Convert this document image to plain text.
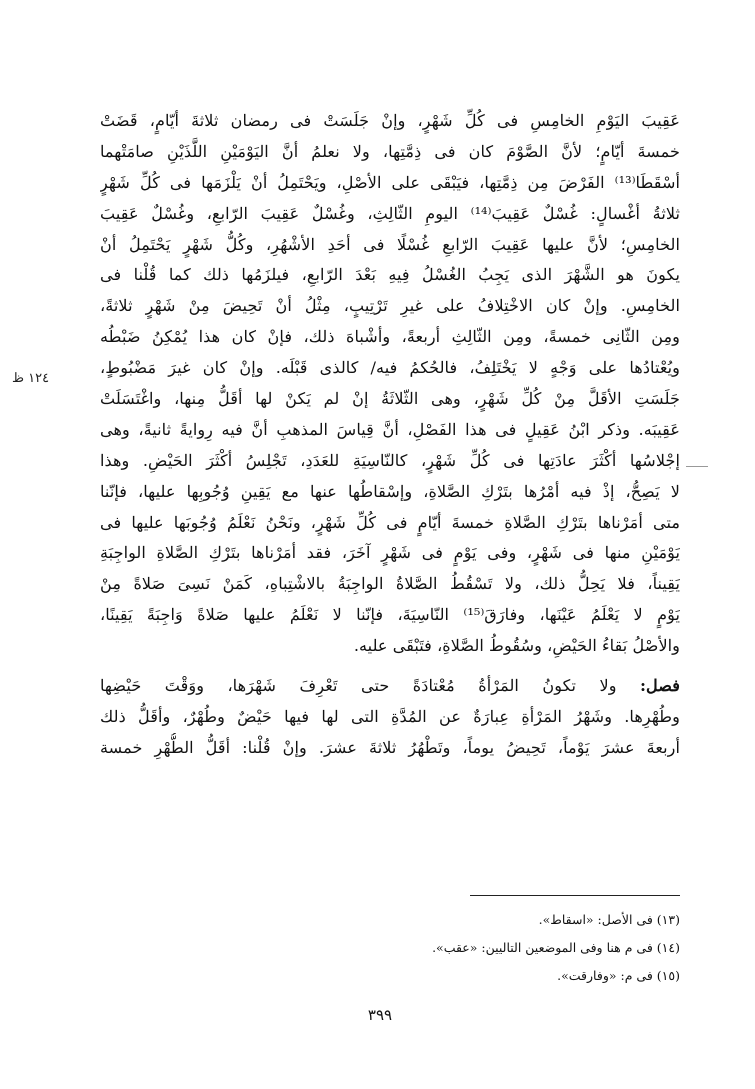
عَقِيبَ اليَوْمِ الخامِسِ فى كُلِّ شَهْرٍ، وإنْ جَلَسَتْ فى رمضان ثلاثةَ أيّامٍ، قَضَتْ
خمسةَ أيّامٍ؛ لأنَّ الصَّوْمَ كان فى ذِمَّتِها، ولا نعلمُ أنَّ اليَوْمَيْنِ اللَّذَيْنِ صامَتْهما
أسْقَطَا⁽¹³⁾ الفَرْضَ مِن ذِمَّتِها، فيَبْقَى على الأصْلِ، ويَحْتَمِلُ أنْ يَلْزَمَها فى كُلِّ شَهْرٍ
ثلاثةُ أغْسالٍ: غُسْلٌ عَقِيبَ⁽¹⁴⁾ اليومِ الثّالِثِ، وغُسْلٌ عَقِيبَ الرّابعِ، وغُسْلٌ عَقِيبَ
الخامِسِ؛ لأنَّ عليها عَقِيبَ الرّابعِ غُسْلًا فى أحَدِ الأشْهُرِ، وكُلُّ شَهْرٍ يَحْتَمِلُ أنْ
يكونَ هو الشَّهْرَ الذى يَجِبُ الغُسْلُ فِيهِ بَعْدَ الرّابعِ، فيلزَمُها ذلك كما قُلْنا فى
الخامِسِ. وإنْ كان الاخْتِلافُ على غيرِ تَرْتِيبٍ، مِثْلُ أنْ تَحِيضَ مِنْ شَهْرٍ ثلاثةً،
ومِن الثّانِى خمسةً، ومِن الثّالِثِ أربعةً، وأشْباهَ ذلك، فإنْ كان هذا يُمْكِنُ ضَبْطُه
ويُعْتادُها على وَجْهٍ لا يَخْتَلِفُ، فالحُكمُ فيه/ كالذى قَبْلَه. وإنْ كان غيرَ مَضْبُوطٍ،
جَلَسَتِ الأقَلَّ مِنْ كُلِّ شَهْرٍ، وهى الثّلاثَةُ إنْ لم يَكنْ لها أقَلُّ مِنها، واغْتَسَلَتْ
عَقِيبَه. وذكر ابْنُ عَقِيلٍ فى هذا الفَصْلِ، أنَّ قِياسَ المذهبِ أنَّ فيه رِوايةً ثانيةً، وهى
إجْلاسُها أكْثَرَ عادَتِها فى كُلِّ شَهْرٍ، كالنّاسِيَةِ للعَدَدِ، تَجْلِسُ أكْثَرَ الحَيْضِ. وهذا
لا يَصِحُّ، إذْ فيه أمْرُها بتَرْكِ الصَّلاةِ، وإسْقاطُها عنها مع يَقِينِ وُجُوبِها عليها، فإنّنا
متى أمَرْناها بتَرْكِ الصَّلاةِ خمسةَ أيّامٍ فى كُلِّ شَهْرٍ، ونَحْنُ نَعْلَمُ وُجُوبَها عليها فى
يَوْمَيْنِ منها فى شَهْرٍ، وفى يَوْمٍ فى شَهْرٍ آخَرَ، فقد أمَرْناها بتَرْكِ الصَّلاةِ الواجِبَةِ
يَقِيناً، فلا يَحِلُّ ذلك، ولا تَسْقُطُ الصَّلاةُ الواجِبَةُ بالاشْتِباهِ، كَمَنْ نَسِىَ صَلاةً مِنْ
يَوْمٍ لا يَعْلَمُ عَيْنَها، وفارَقَ⁽¹⁵⁾ النّاسِيَةَ، فإنّنا لا نَعْلَمُ عليها صَلاةً وَاجِبَةً يَقِينًا،
والأصْلُ بَقاءُ الحَيْضِ، وسُقُوطُ الصَّلاةِ، فتَبْقَى عليه.
فصل: ولا تكونُ المَرْأةُ مُعْتادَةً حتى تَعْرِفَ شَهْرَها، ووَقْتَ حَيْضِها
وطُهْرِها. وشَهْرُ المَرْأةِ عِبارَةٌ عن المُدَّةِ التى لها فيها حَيْضٌ وطُهْرٌ، وأقَلُّ ذلك
أربعةَ عشرَ يَوْماً، تَحِيضُ يوماً، وتَطْهُرُ ثلاثةَ عشرَ. وإنْ قُلْنا: أقَلُّ الطُّهْرِ خمسة
١٢٤ ظ
(١٣) فى الأصل: «اسقاط».
(١٤) فى م هنا وفى الموضعين التاليين: «عقب».
(١٥) فى م: «وفارقت».
٣٩٩
